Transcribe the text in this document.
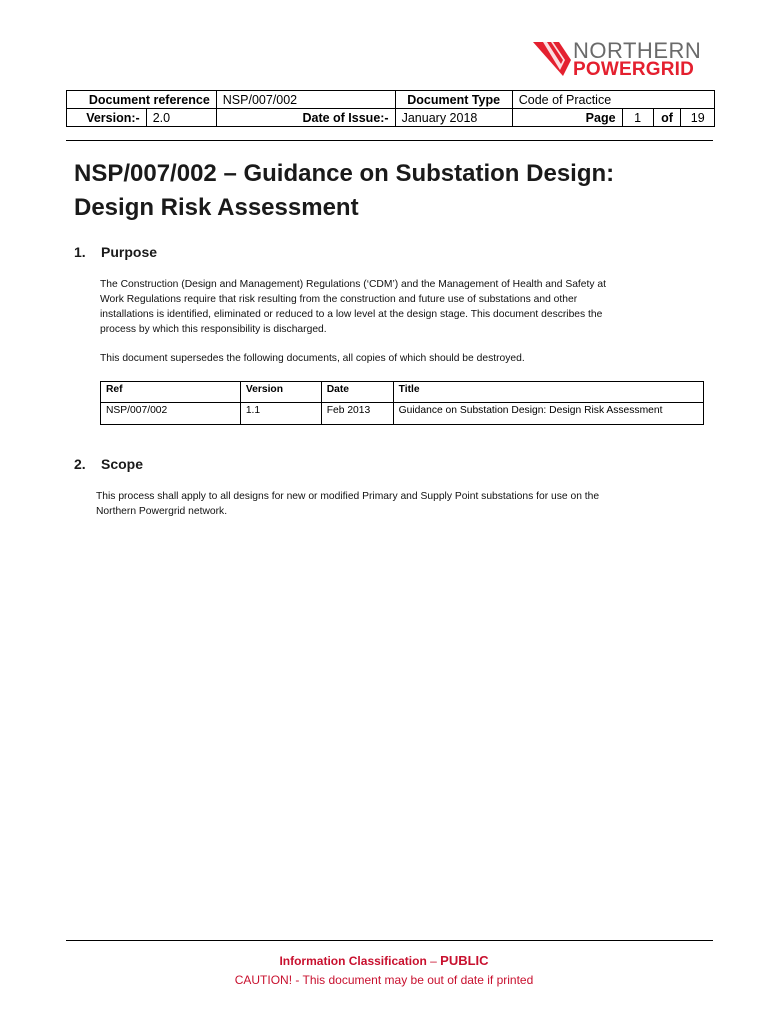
NORTHERN
POWERGRID
Document reference		NSP/007/002	Document Type	Code of Practice			
Version:-	2.0	Date of Issue:-	January 2018	Page	1	of	19
NSP/007/002 – Guidance on Substation Design:
Design Risk Assessment
1. Purpose

The Construction (Design and Management) Regulations (‘CDM’) and the Management of Health and Safety at
Work Regulations require that risk resulting from the construction and future use of substations and other
installations is identified, eliminated or reduced to a low level at the design stage. This document describes the
process by which this responsibility is discharged.

This document supersedes the following documents, all copies of which should be destroyed.

Ref	Version	Date	Title
NSP/007/002	1.1	Feb 2013	Guidance on Substation Design: Design Risk Assessment
2. Scope

This process shall apply to all designs for new or modified Primary and Supply Point substations for use on the
Northern Powergrid network.

Information Classification – PUBLIC
CAUTION! - This document may be out of date if printed
